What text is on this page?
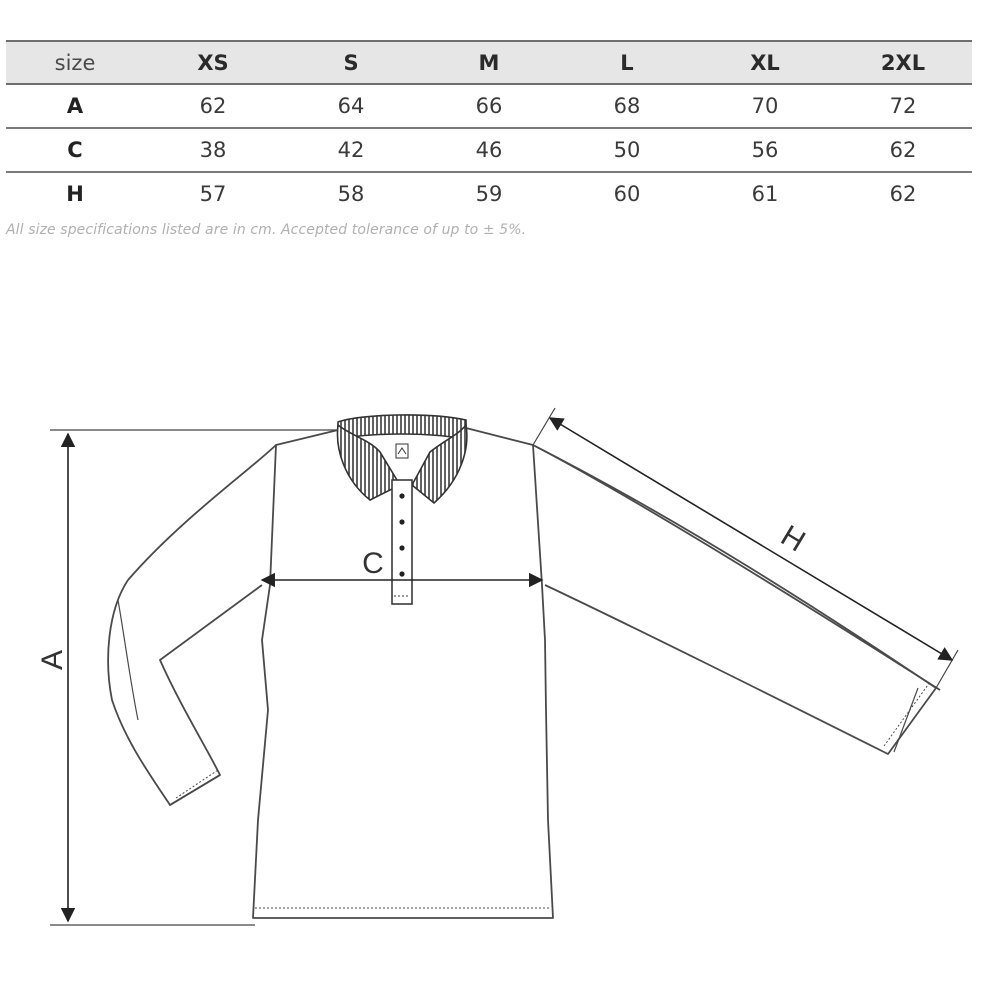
size	XS	S	M	L	XL	2XL
A	62	64	66	68	70	72
C	38	42	46	50	56	62
H	57	58	59	60	61	62
All size specifications listed are in cm. Accepted tolerance of up to ± 5%.
A
C
H
